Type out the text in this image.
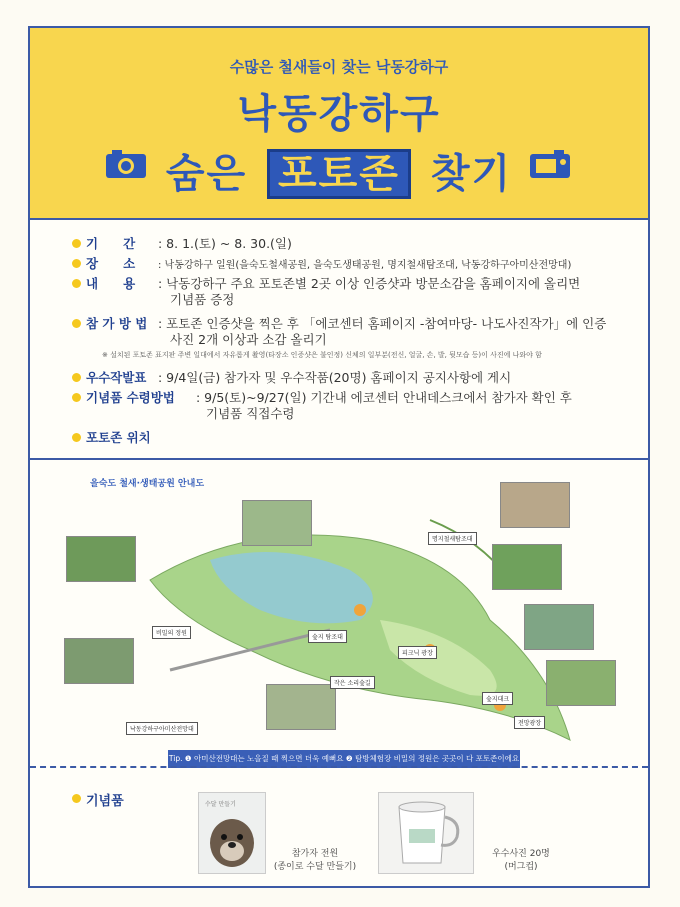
수많은 철새들이 찾는 낙동강하구
낙동강하구
숨은 포토존 찾기
기　　간 : 8. 1.(토) ~ 8. 30.(일)
장　　소 : 낙동강하구 일원(을숙도철새공원, 을숙도생태공원, 명지철새탐조대, 낙동강하구아미산전망대)
내　　용 : 낙동강하구 주요 포토존별 2곳 이상 인증샷과 방문소감을 홈페이지에 올리면
기념품 증정
참 가 방 법 : 포토존 인증샷을 찍은 후 「에코센터 홈페이지 -참여마당- 나도사진작가」에 인증
사진 2개 이상과 소감 올리기
※ 설치된 포토존 표지판 주변 일대에서 자유롭게 촬영(타장소 인증샷은 불인정) 신체의 일부분(전신, 얼굴, 손, 발, 뒷모습 등)이 사진에 나와야 함
우수작발표 : 9/4일(금) 참가자 및 우수작품(20명) 홈페이지 공지사항에 게시
기념품 수령방법 : 9/5(토)~9/27(일) 기간내 에코센터 안내데스크에서 참가자 확인 후
기념품 직접수령
포토존 위치
을숙도 철새·생태공원 안내도
비밀의 정원
명지철새탐조대
숲지 탐조대
작은 소리숲길
피크닉 광장
낙동강하구아미산전망대
숲지대크
전망광장
Tip. ❶ 아미산전망대는 노을질 때 찍으면 더욱 예뻐요 ❷ 탐방체험장 비밀의 정원은 곳곳이 다 포토존이에요
기념품	수달 만들기
참가자 전원
(종이로 수달 만들기)
우수사진 20명
(머그컵)
